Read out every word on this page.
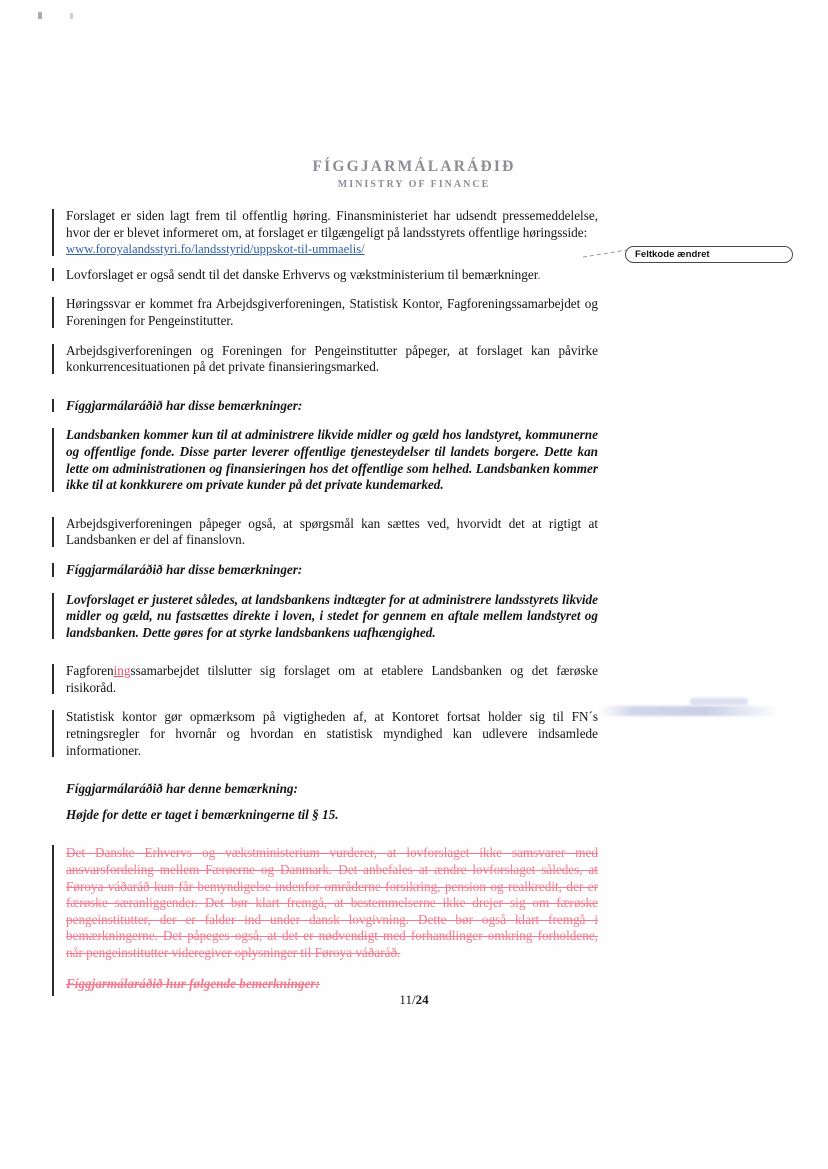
FÍGGJARMÁLARÁÐIÐ
MINISTRY OF FINANCE
Feltkode ændret
Forslaget er siden lagt frem til offentlig høring. Finansministeriet har udsendt pressemeddelelse, hvor der er blevet informeret om, at forslaget er tilgængeligt på landsstyrets offentlige høringsside:
www.foroyalandsstyri.fo/landsstyrid/uppskot-til-ummaelis/
Lovforslaget er også sendt til det danske Erhvervs og vækstministerium til bemærkninger.
Høringssvar er kommet fra Arbejdsgiverforeningen, Statistisk Kontor, Fagforeningssamarbejdet og Foreningen for Pengeinstitutter.
Arbejdsgiverforeningen og Foreningen for Pengeinstitutter påpeger, at forslaget kan påvirke konkurrencesituationen på det private finansieringsmarked.
Fíggjarmálaráðið har disse bemærkninger:
Landsbanken kommer kun til at administrere likvide midler og gæld hos landstyret, kommunerne og offentlige fonde. Disse parter leverer offentlige tjenesteydelser til landets borgere. Dette kan lette om administrationen og finansieringen hos det offentlige som helhed. Landsbanken kommer ikke til at konkkurere om private kunder på det private kundemarked.
Arbejdsgiverforeningen påpeger også, at spørgsmål kan sættes ved, hvorvidt det at rigtigt at Landsbanken er del af finanslovn.
Fíggjarmálaráðið har disse bemærkninger:
Lovforslaget er justeret således, at landsbankens indtægter for at administrere landsstyrets likvide midler og gæld, nu fastsættes direkte i loven, i stedet for gennem en aftale mellem landstyret og landsbanken. Dette gøres for at styrke landsbankens uafhængighed.
Fagforeningssamarbejdet tilslutter sig forslaget om at etablere Landsbanken og det færøske risikoråd.
Statistisk kontor gør opmærksom på vigtigheden af, at Kontoret fortsat holder sig til FN´s retningsregler for hvornår og hvordan en statistisk myndighed kan udlevere indsamlede informationer.
Fíggjarmálaráðið har denne bemærkning:
Højde for dette er taget i bemærkningerne til § 15.
Det Danske Erhvervs og vækstministerium vurderer, at lovforslaget ikke samsvarer med ansvarsfordeling mellem Færøerne og Danmark. Det anbefales at ændre lovforslaget således, at Føroya váðaráð kun får bemyndigelse indenfor områderne forsikring, pension og realkredit, der er færøske særanliggender. Det bør klart fremgå, at bestemmelserne ikke drejer sig om færøske pengeinstitutter, der er falder ind under dansk lovgivning. Dette bør også klart fremgå i bemærkningerne. Det påpeges også, at det er nødvendigt med forhandlinger omkring forholdene, når pengeinstitutter videregiver oplysninger til Føroya váðaráð.
Fíggjarmálaráðið hur følgende bemerkninger:
11/24
